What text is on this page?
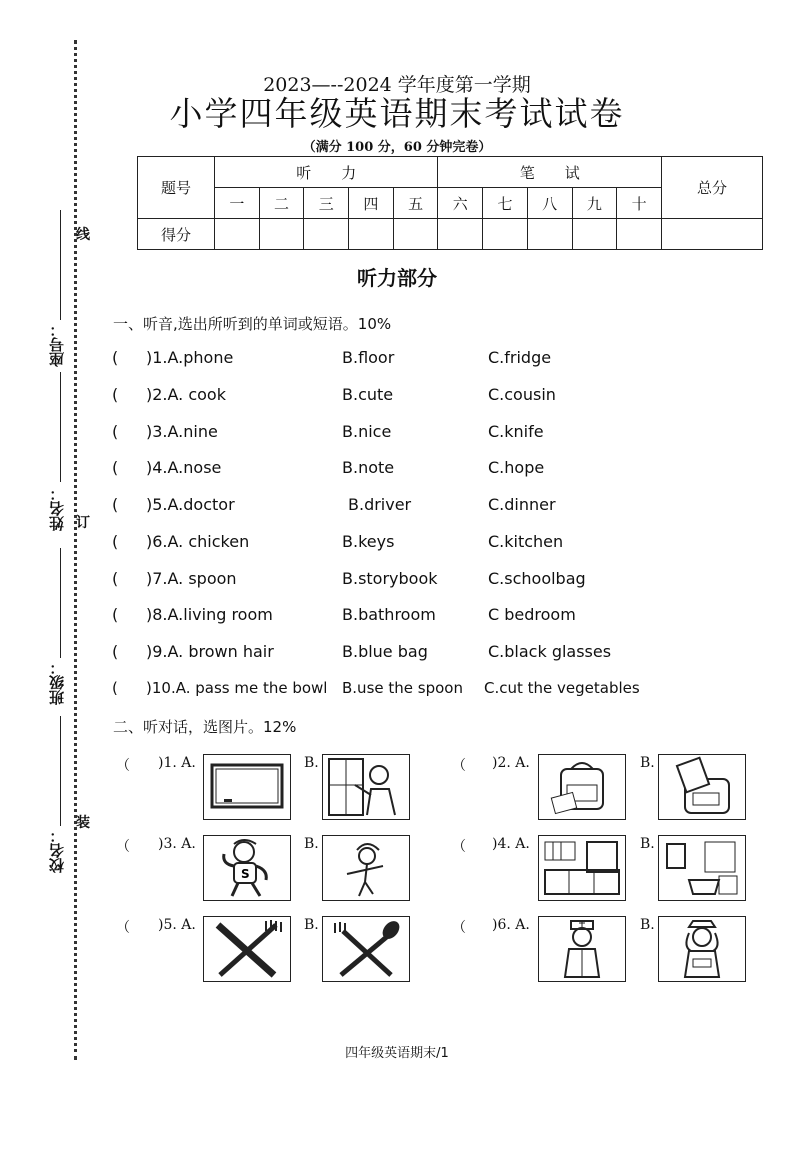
座号：
姓名：
班级：
校名：
线
订
装
2023—--2024 学年度第一学期
小学四年级英语期末考试试卷
（满分 100 分，60 分钟完卷）
题号	听　　力					笔　　试					总分
	一	二	三	四	五	六	七	八	九	十	
得分											
听力部分
一、听音,选出所听到的单词或短语。10%
( )1.A.phone	B.floor	C.fridge
( )2.A. cook	B.cute	C.cousin
( )3.A.nine	B.nice	C.knife
( )4.A.nose	B.note	C.hope
( )5.A.doctor	B.driver	C.dinner
( )6.A. chicken	B.keys	C.kitchen
( )7.A. spoon	B.storybook	C.schoolbag
( )8.A.living room	B.bathroom	C bedroom
( )9.A. brown hair	B.blue bag	C.black glasses
( )10.A. pass me the bowl B.use the spoon C.cut the vegetables
二、听对话，选图片。12%
（ )1. A.	B.
（ )3. A.
S
B.
（ )5. A.	B.
（ )2. A.	B.
（ )4. A.	B.
（ )6. A.	B.
四年级英语期末/1
